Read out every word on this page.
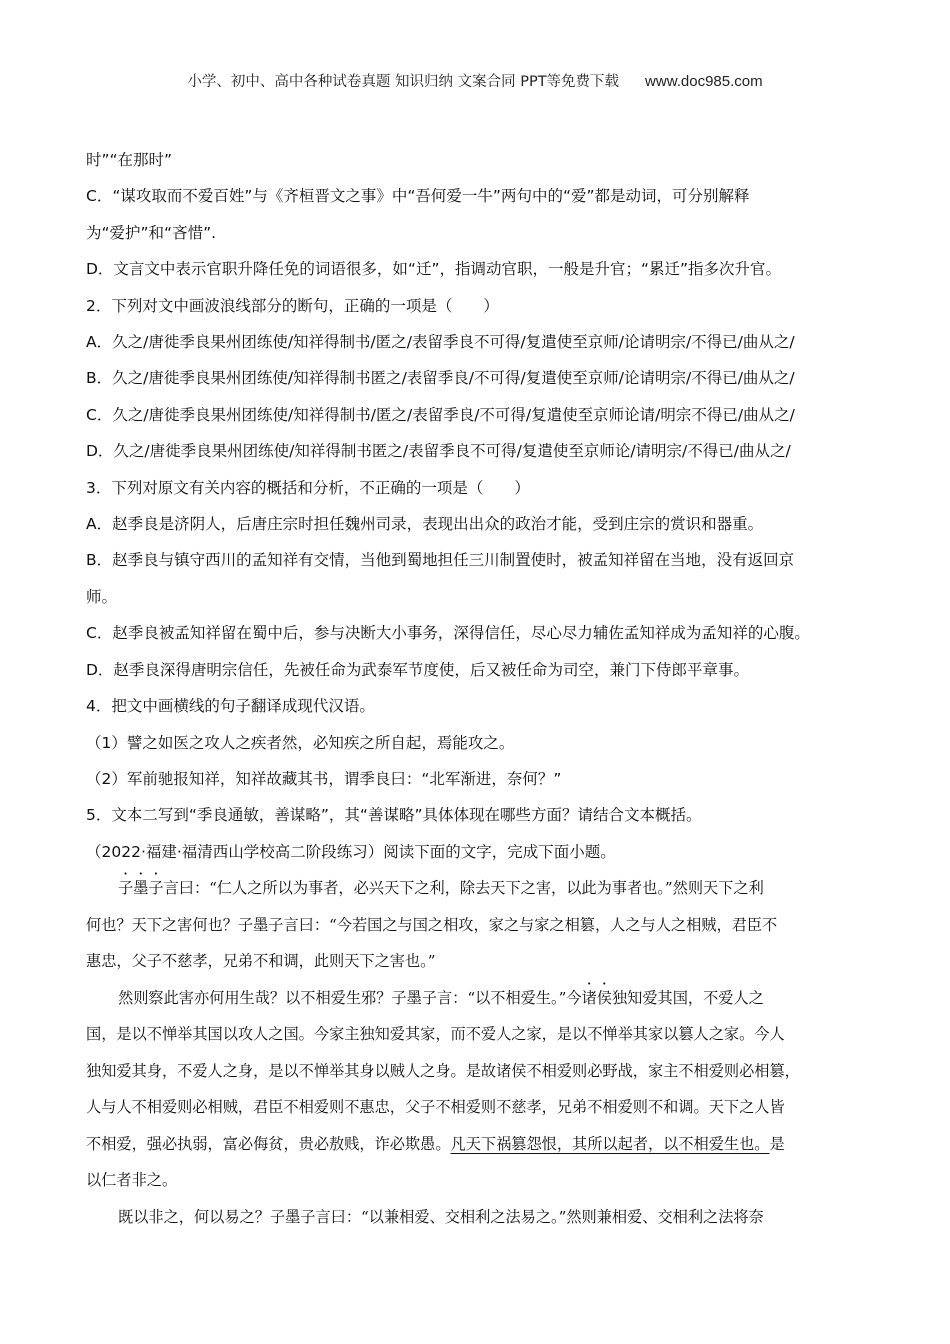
小学、初中、高中各种试卷真题 知识归纳 文案合同 PPT等免费下载 www.doc985.com
时”“在那时”
C．“谋攻取而不爱百姓”与《齐桓晋文之事》中“吾何爱一牛”两句中的“爱”都是动词，可分别解释
为“爱护”和“吝惜”.
D．文言文中表示官职升降任免的词语很多，如“迁”，指调动官职，一般是升官；“累迁”指多次升官。
2．下列对文中画波浪线部分的断句，正确的一项是（　　）
A．久之/唐徙季良果州团练使/知祥得制书/匿之/表留季良不可得/复遣使至京师/论请明宗/不得已/曲从之/
B．久之/唐徙季良果州团练使/知祥得制书匿之/表留季良/不可得/复遣使至京师/论请明宗/不得已/曲从之/
C．久之/唐徙季良果州团练使/知祥得制书/匿之/表留季良/不可得/复遣使至京师论请/明宗不得已/曲从之/
D．久之/唐徙季良果州团练使/知祥得制书匿之/表留季良不可得/复遣使至京师论/请明宗/不得已/曲从之/
3．下列对原文有关内容的概括和分析，不正确的一项是（　　）
A．赵季良是济阴人，后唐庄宗时担任魏州司录，表现出出众的政治才能，受到庄宗的赏识和器重。
B．赵季良与镇守西川的孟知祥有交情，当他到蜀地担任三川制置使时，被孟知祥留在当地，没有返回京
师。
C．赵季良被孟知祥留在蜀中后，参与决断大小事务，深得信任，尽心尽力辅佐孟知祥成为孟知祥的心腹。
D．赵季良深得唐明宗信任，先被任命为武泰军节度使，后又被任命为司空，兼门下侍郎平章事。
4．把文中画横线的句子翻译成现代汉语。
（1）譬之如医之攻人之疾者然，必知疾之所自起，焉能攻之。
（2）军前驰报知祥，知祥故藏其书，谓季良曰：“北军渐进，奈何？”
5．文本二写到“季良通敏，善谋略”，其“善谋略”具体体现在哪些方面？请结合文本概括。
（2022·福建·福清西山学校高二阶段练习）阅读下面的文字，完成下面小题。
子墨子言曰：“仁人之所以为事者，必兴天下之利，除去天下之害，以此为事者也。”然则天下之利
何也？天下之害何也？子墨子言曰：“今若国之与国之相攻，家之与家之相篡，人之与人之相贼，君臣不
惠忠，父子不慈孝，兄弟不和调，此则天下之害也。”
然则察此害亦何用生哉？以不相爱生邪？子墨子言：“以不相爱生。”今诸侯独知爱其国，不爱人之
国，是以不惮举其国以攻人之国。今家主独知爱其家，而不爱人之家，是以不惮举其家以篡人之家。今人
独知爱其身，不爱人之身，是以不惮举其身以贼人之身。是故诸侯不相爱则必野战，家主不相爱则必相篡，
人与人不相爱则必相贼，君臣不相爱则不惠忠，父子不相爱则不慈孝，兄弟不相爱则不和调。天下之人皆
不相爱，强必执弱，富必侮贫，贵必敖贱，诈必欺愚。凡天下祸篡怨恨，其所以起者，以不相爱生也。是
以仁者非之。
既以非之，何以易之？子墨子言曰：“以兼相爱、交相利之法易之。”然则兼相爱、交相利之法将奈
